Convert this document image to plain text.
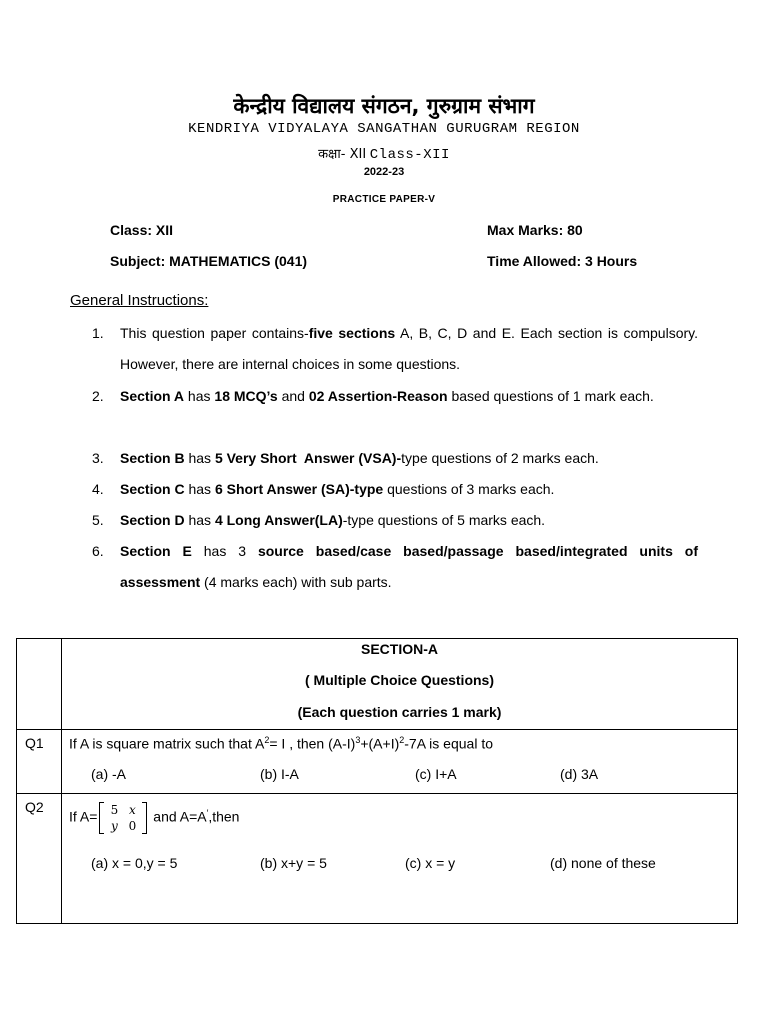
केन्द्रीय विद्यालय संगठन, गुरुग्राम संभाग
KENDRIYA VIDYALAYA SANGATHAN GURUGRAM REGION
कक्षा- XII Class-XII
2022-23
PRACTICE PAPER-V
Class: XII	Max Marks: 80
Subject: MATHEMATICS (041)	Time Allowed: 3 Hours
General Instructions:
1.	This question paper contains-five sections A, B, C, D and E. Each section is compulsory. However, there are internal choices in some questions.
2.	Section A has 18 MCQ’s and 02 Assertion-Reason based questions of 1 mark each.
3.	Section B has 5 Very Short  Answer (VSA)-type questions of 2 marks each.
4.	Section C has 6 Short Answer (SA)-type questions of 3 marks each.
5.	Section D has 4 Long Answer(LA)-type questions of 5 marks each.
6.	Section E has 3 source based/case based/passage based/integrated units of assessment (4 marks each) with sub parts.
SECTION-A
( Multiple Choice Questions)
(Each question carries 1 mark)
Q1 If A is square matrix such that $A^2= I$ , then $(A-I)^3+(A+I)^2-7A$ is equal to
(a) -A	(b) I-A	(c) I+A	(d) 3A
Q2
If A= 5 x
y 0 and A=A′,then
(a) x = 0,y = 5	(b) x+y = 5	(c) x = y	(d) none of these
